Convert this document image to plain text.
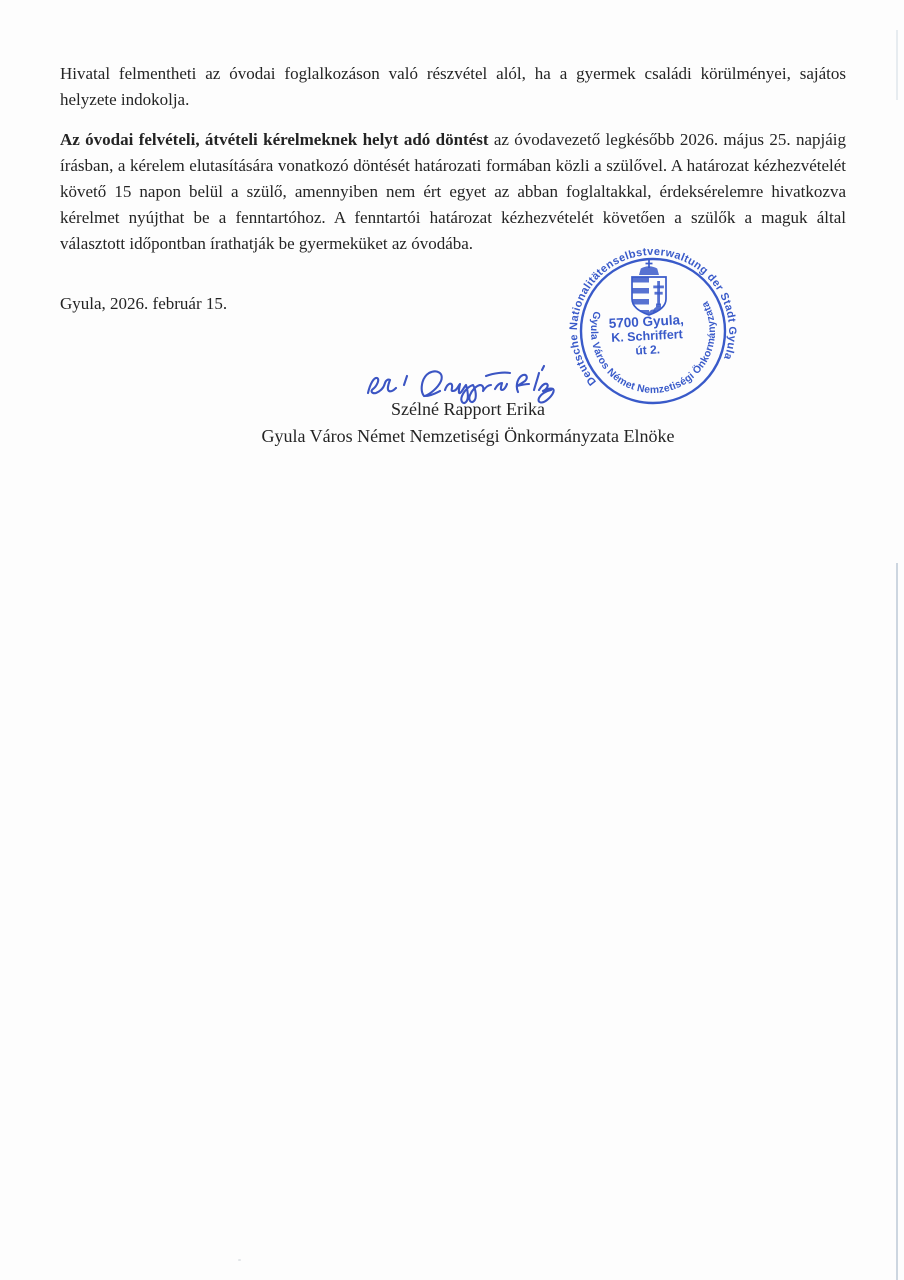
Hivatal felmentheti az óvodai foglalkozáson való részvétel alól, ha a gyermek családi körülményei, sajátos helyzete indokolja.

Az óvodai felvételi, átvételi kérelmeknek helyt adó döntést az óvodavezető legkésőbb 2026. május 25. napjáig írásban, a kérelem elutasítására vonatkozó döntését határozati formában közli a szülővel. A határozat kézhezvételét követő 15 napon belül a szülő, amennyiben nem ért egyet az abban foglaltakkal, érdeksérelemre hivatkozva kérelmet nyújthat be a fenntartóhoz. A fenntartói határozat kézhezvételét követően a szülők a maguk által választott időpontban írathatják be gyermeküket az óvodába.

Gyula, 2026. február 15.

Deutsche Nationalitätenselbstverwaltung der Stadt Gyula
Gyula Város Német Nemzetiségi Önkormányzata
5700 Gyula,
K. Schriffert
út 2.
Szélné Rapport Erika
Gyula Város Német Nemzetiségi Önkormányzata Elnöke
